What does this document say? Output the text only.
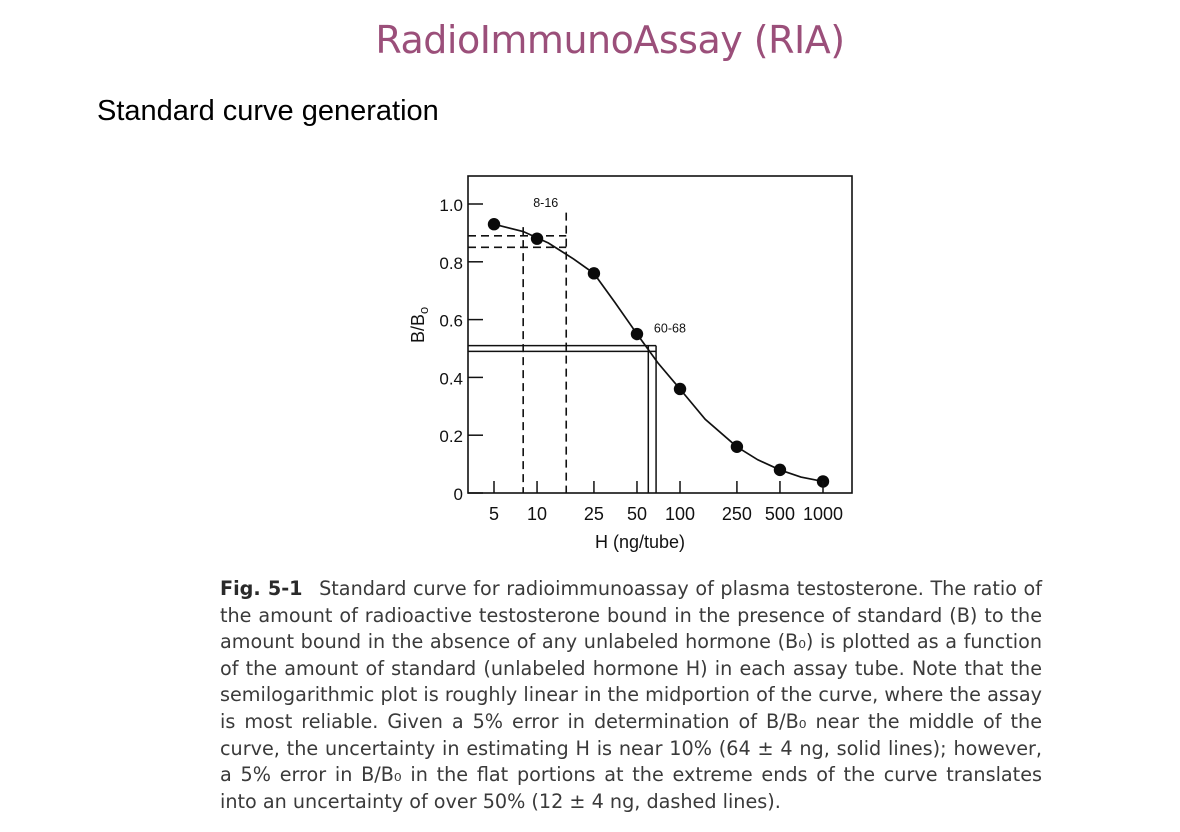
RadioImmunoAssay (RIA)
Standard curve generation
0
0.2
0.4
0.6
0.8
1.0
5 10 25 50 100 250 500 1000
H (ng/tube)
$B/B_o$
8-16
60-68
Fig. 5-1 Standard curve for radioimmunoassay of plasma testosterone. The ratio of the amount of radioactive testosterone bound in the presence of standard (B) to the amount bound in the absence of any unlabeled hormone (B₀) is plotted as a function of the amount of standard (unlabeled hormone H) in each assay tube. Note that the semilogarithmic plot is roughly linear in the midportion of the curve, where the assay is most reliable. Given a 5% error in determination of B/B₀ near the middle of the curve, the uncertainty in estimating H is near 10% (64 ± 4 ng, solid lines); however, a 5% error in B/B₀ in the flat portions at the extreme ends of the curve translates into an uncertainty of over 50% (12 ± 4 ng, dashed lines).
